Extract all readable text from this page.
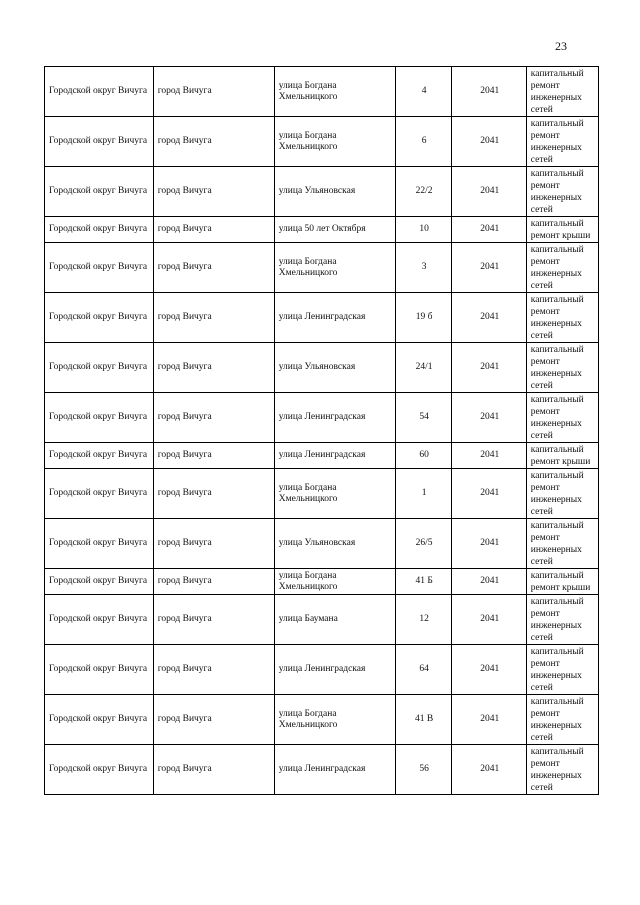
23
Городской округ Вичуга	город Вичуга	улица Богдана Хмельницкого	4	2041	капитальный ремонт инженерных сетей
Городской округ Вичуга	город Вичуга	улица Богдана Хмельницкого	6	2041	капитальный ремонт инженерных сетей
Городской округ Вичуга	город Вичуга	улица Ульяновская	22/2	2041	капитальный ремонт инженерных сетей
Городской округ Вичуга	город Вичуга	улица 50 лет Октября	10	2041	капитальный ремонт крыши
Городской округ Вичуга	город Вичуга	улица Богдана Хмельницкого	3	2041	капитальный ремонт инженерных сетей
Городской округ Вичуга	город Вичуга	улица Ленинградская	19 б	2041	капитальный ремонт инженерных сетей
Городской округ Вичуга	город Вичуга	улица Ульяновская	24/1	2041	капитальный ремонт инженерных сетей
Городской округ Вичуга	город Вичуга	улица Ленинградская	54	2041	капитальный ремонт инженерных сетей
Городской округ Вичуга	город Вичуга	улица Ленинградская	60	2041	капитальный ремонт крыши
Городской округ Вичуга	город Вичуга	улица Богдана Хмельницкого	1	2041	капитальный ремонт инженерных сетей
Городской округ Вичуга	город Вичуга	улица Ульяновская	26/5	2041	капитальный ремонт инженерных сетей
Городской округ Вичуга	город Вичуга	улица Богдана Хмельницкого	41 Б	2041	капитальный ремонт крыши
Городской округ Вичуга	город Вичуга	улица Баумана	12	2041	капитальный ремонт инженерных сетей
Городской округ Вичуга	город Вичуга	улица Ленинградская	64	2041	капитальный ремонт инженерных сетей
Городской округ Вичуга	город Вичуга	улица Богдана Хмельницкого	41 В	2041	капитальный ремонт инженерных сетей
Городской округ Вичуга	город Вичуга	улица Ленинградская	56	2041	капитальный ремонт инженерных сетей
